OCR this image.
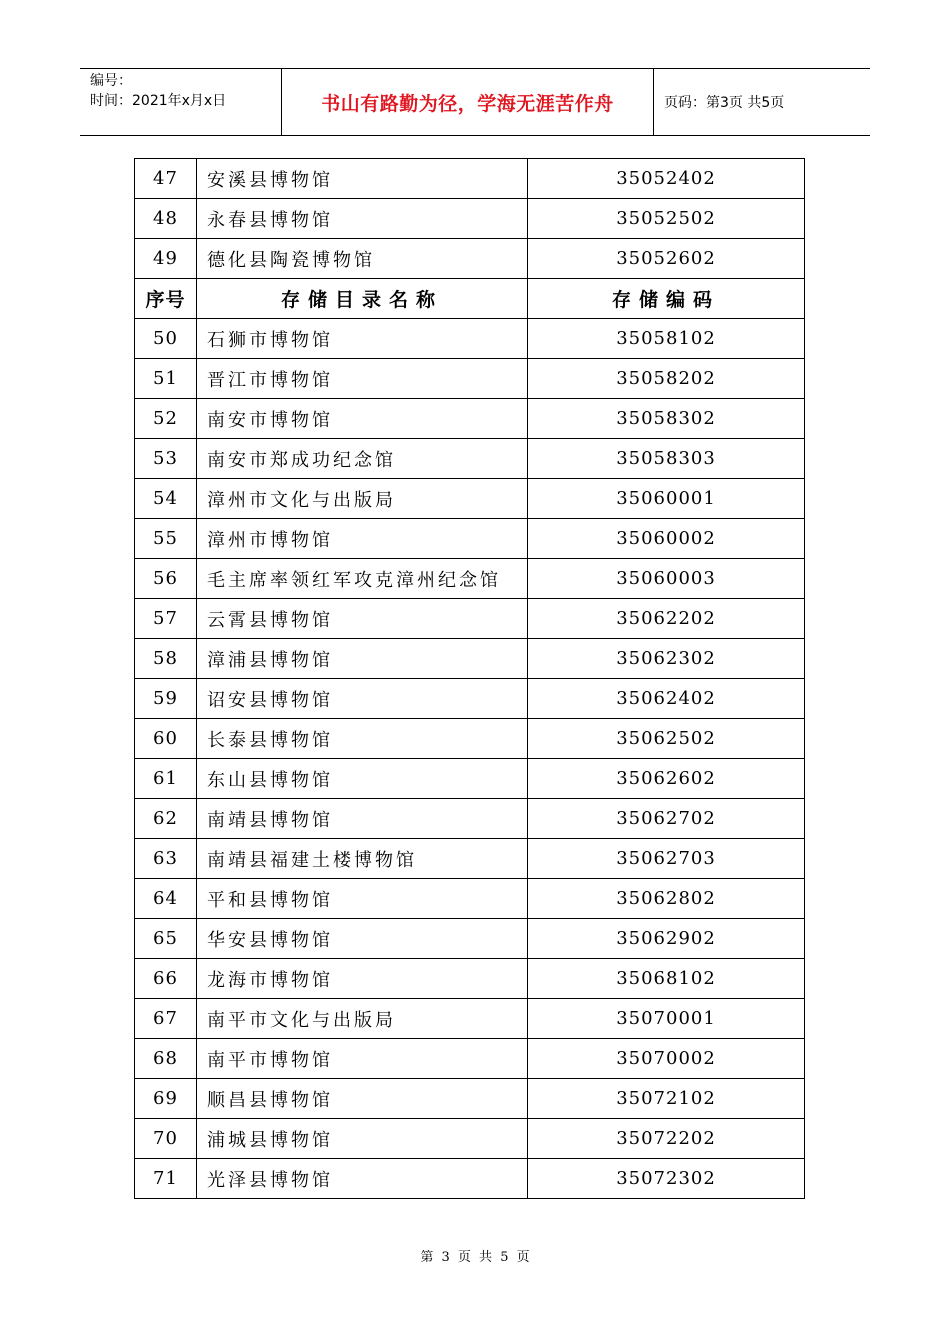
编号：
时间：2021年x月x日	书山有路勤为径，学海无涯苦作舟	页码：第3页 共5页
47	安溪县博物馆	35052402
48	永春县博物馆	35052502
49	德化县陶瓷博物馆	35052602
序号	存储目录名称	存储编码
50	石狮市博物馆	35058102
51	晋江市博物馆	35058202
52	南安市博物馆	35058302
53	南安市郑成功纪念馆	35058303
54	漳州市文化与出版局	35060001
55	漳州市博物馆	35060002
56	毛主席率领红军攻克漳州纪念馆	35060003
57	云霄县博物馆	35062202
58	漳浦县博物馆	35062302
59	诏安县博物馆	35062402
60	长泰县博物馆	35062502
61	东山县博物馆	35062602
62	南靖县博物馆	35062702
63	南靖县福建土楼博物馆	35062703
64	平和县博物馆	35062802
65	华安县博物馆	35062902
66	龙海市博物馆	35068102
67	南平市文化与出版局	35070001
68	南平市博物馆	35070002
69	顺昌县博物馆	35072102
70	浦城县博物馆	35072202
71	光泽县博物馆	35072302
第 3 页 共 5 页
